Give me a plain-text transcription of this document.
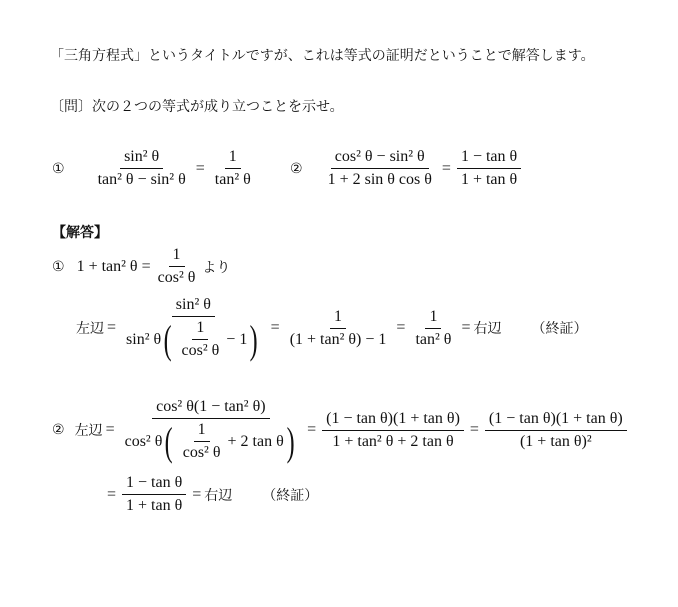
「三角方程式」というタイトルですが、これは等式の証明だということで解答します。
〔問〕次の２つの等式が成り立つことを示せ。
① $\frac{\text{sin² θ}}{\text{tan² θ − sin² θ}} = \frac{1}{\text{tan² θ}}$	② $\frac{\text{cos² θ − sin² θ}}{\text{1 + 2 sin θ cos θ}} = \frac{\text{1 − tan θ}}{\text{1 + tan θ}}$
【解答】
① 1 + tan² $\theta = \frac{1}{\text{cos² θ}}$ より
左辺 =
sin² θ
sin² θ ( $\frac{1}{\text{cos² θ}} - 1$ ) = $\frac{1}{\text{(1 + tan² θ) − 1}} = \frac{1}{\text{tan² θ}}$ = 右辺 （終証）
② 左辺 =
cos² θ(1 − tan² θ)
cos² θ ( $\frac{1}{\text{cos² θ}} + 2$ tan θ ) = $\frac{\text{(1 − tan θ)(1 + tan θ)}}{\text{1 + tan² θ + 2 tan θ}} = \frac{\text{(1 − tan θ)(1 + tan θ)}}{\text{(1 + tan θ)²}}$
= $\frac{\text{1 − tan θ}}{\text{1 + tan θ}}$ = 右辺 （終証）
